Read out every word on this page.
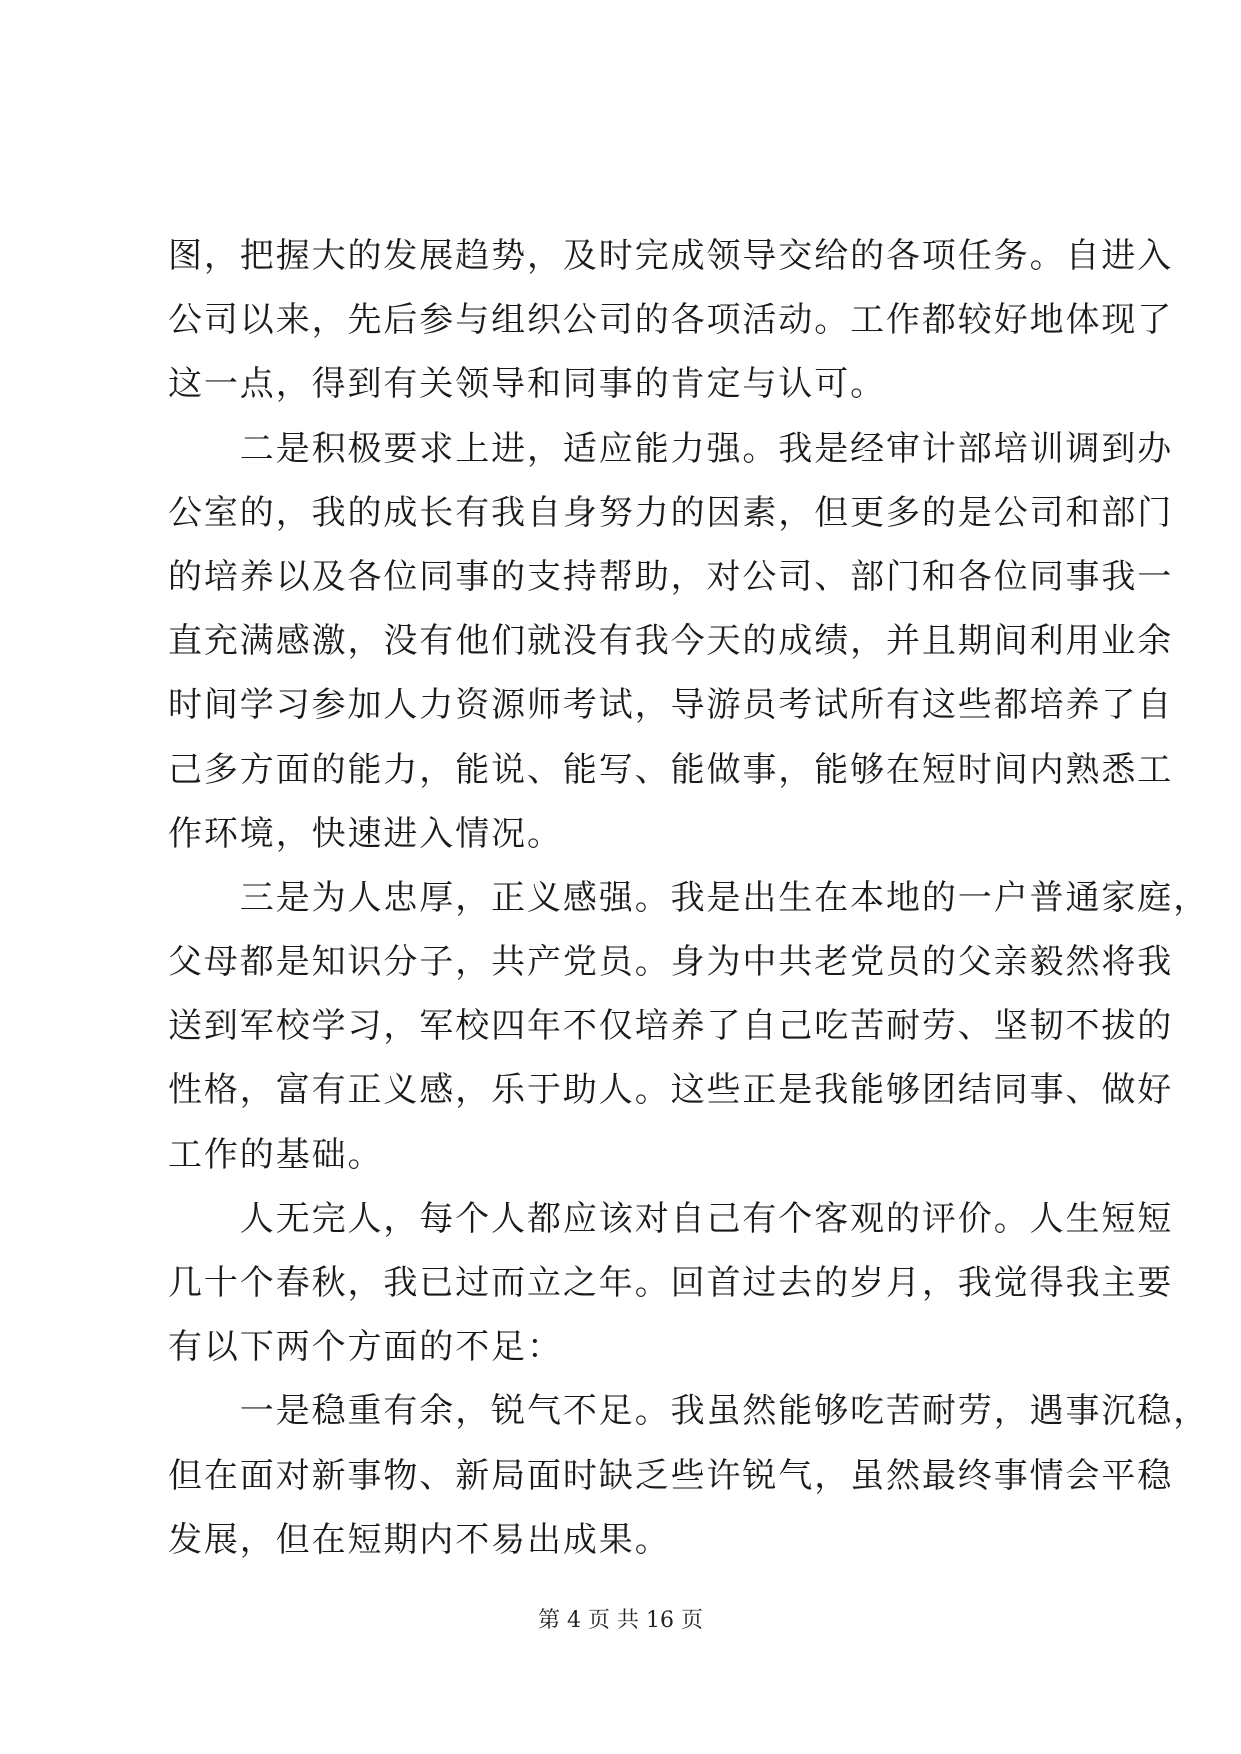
图，把握大的发展趋势，及时完成领导交给的各项任务。自进入
公司以来，先后参与组织公司的各项活动。工作都较好地体现了
这一点，得到有关领导和同事的肯定与认可。
　　二是积极要求上进，适应能力强。我是经审计部培训调到办
公室的，我的成长有我自身努力的因素，但更多的是公司和部门
的培养以及各位同事的支持帮助，对公司、部门和各位同事我一
直充满感激，没有他们就没有我今天的成绩，并且期间利用业余
时间学习参加人力资源师考试，导游员考试所有这些都培养了自
己多方面的能力，能说、能写、能做事，能够在短时间内熟悉工
作环境，快速进入情况。
　　三是为人忠厚，正义感强。我是出生在本地的一户普通家庭，
父母都是知识分子，共产党员。身为中共老党员的父亲毅然将我
送到军校学习，军校四年不仅培养了自己吃苦耐劳、坚韧不拔的
性格，富有正义感，乐于助人。这些正是我能够团结同事、做好
工作的基础。
　　人无完人，每个人都应该对自己有个客观的评价。人生短短
几十个春秋，我已过而立之年。回首过去的岁月，我觉得我主要
有以下两个方面的不足：
　　一是稳重有余，锐气不足。我虽然能够吃苦耐劳，遇事沉稳，
但在面对新事物、新局面时缺乏些许锐气，虽然最终事情会平稳
发展，但在短期内不易出成果。
第 4 页 共 16 页
